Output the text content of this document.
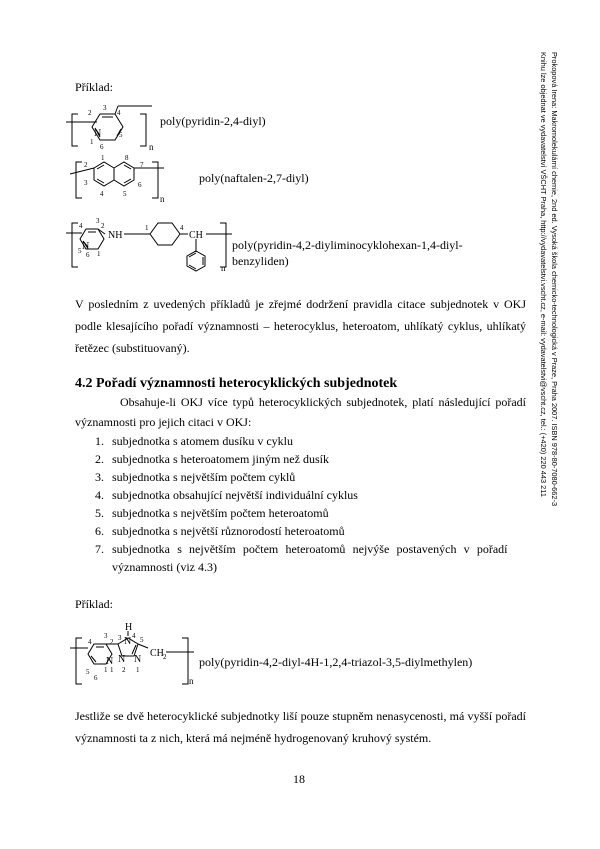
Prokopová Irena: Makromolekulární chemie, 2nd ed. Vysoká škola chemicko-technologická v Praze, Praha 2007. ISBN 978-80-7080-662-3
Knihu lze objednat ve vydavatelství VŠCHT Praha, http://vydavatelstvi.vscht.cz, e-mail: vydavatelstvi@vscht.cz, tel.: (+420) 220 443 211
Příklad:
N
n
2
3
4
5
6
1
poly(pyridin-2,4-diyl)
n
1	8
2	7
3	6
4	5
poly(naftalen-2,7-diyl)
N
NH	CH
n
3
4	2
5 1
6
1	4
poly(pyridin-4,2-diyliminocyklohexan-1,4-diyl-
benzyliden)
V posledním z uvedených příkladů je zřejmé dodržení pravidla citace subjednotek v OKJ podle klesajícího pořadí významnosti – heterocyklus, heteroatom, uhlíkatý cyklus, uhlíkatý řetězec (substituovaný).
4.2 Pořadí významnosti heterocyklických subjednotek
Obsahuje-li OKJ více typů heterocyklických subjednotek, platí následující pořadí významnosti pro jejich citaci v OKJ:
1. subjednotka s atomem dusíku v cyklu
2. subjednotka s heteroatomem jiným než dusík
3. subjednotka s největším počtem cyklů
4. subjednotka obsahující největší individuální cyklus
5. subjednotka s největším počtem heteroatomů
6. subjednotka s největší různorodostí heteroatomů
7. subjednotka s největším počtem heteroatomů nejvýše postavených v pořadí
významnosti (viz 4.3)
Příklad:
N
H
N
N N
CH 2
n
3
4	2 3 4 5
5 1
6
1 2 1
poly(pyridin-4,2-diyl-4H-1,2,4-triazol-3,5-diylmethylen)
Jestliže se dvě heterocyklické subjednotky liší pouze stupněm nenasycenosti, má vyšší pořadí významnosti ta z nich, která má nejméně hydrogenovaný kruhový systém.
18
